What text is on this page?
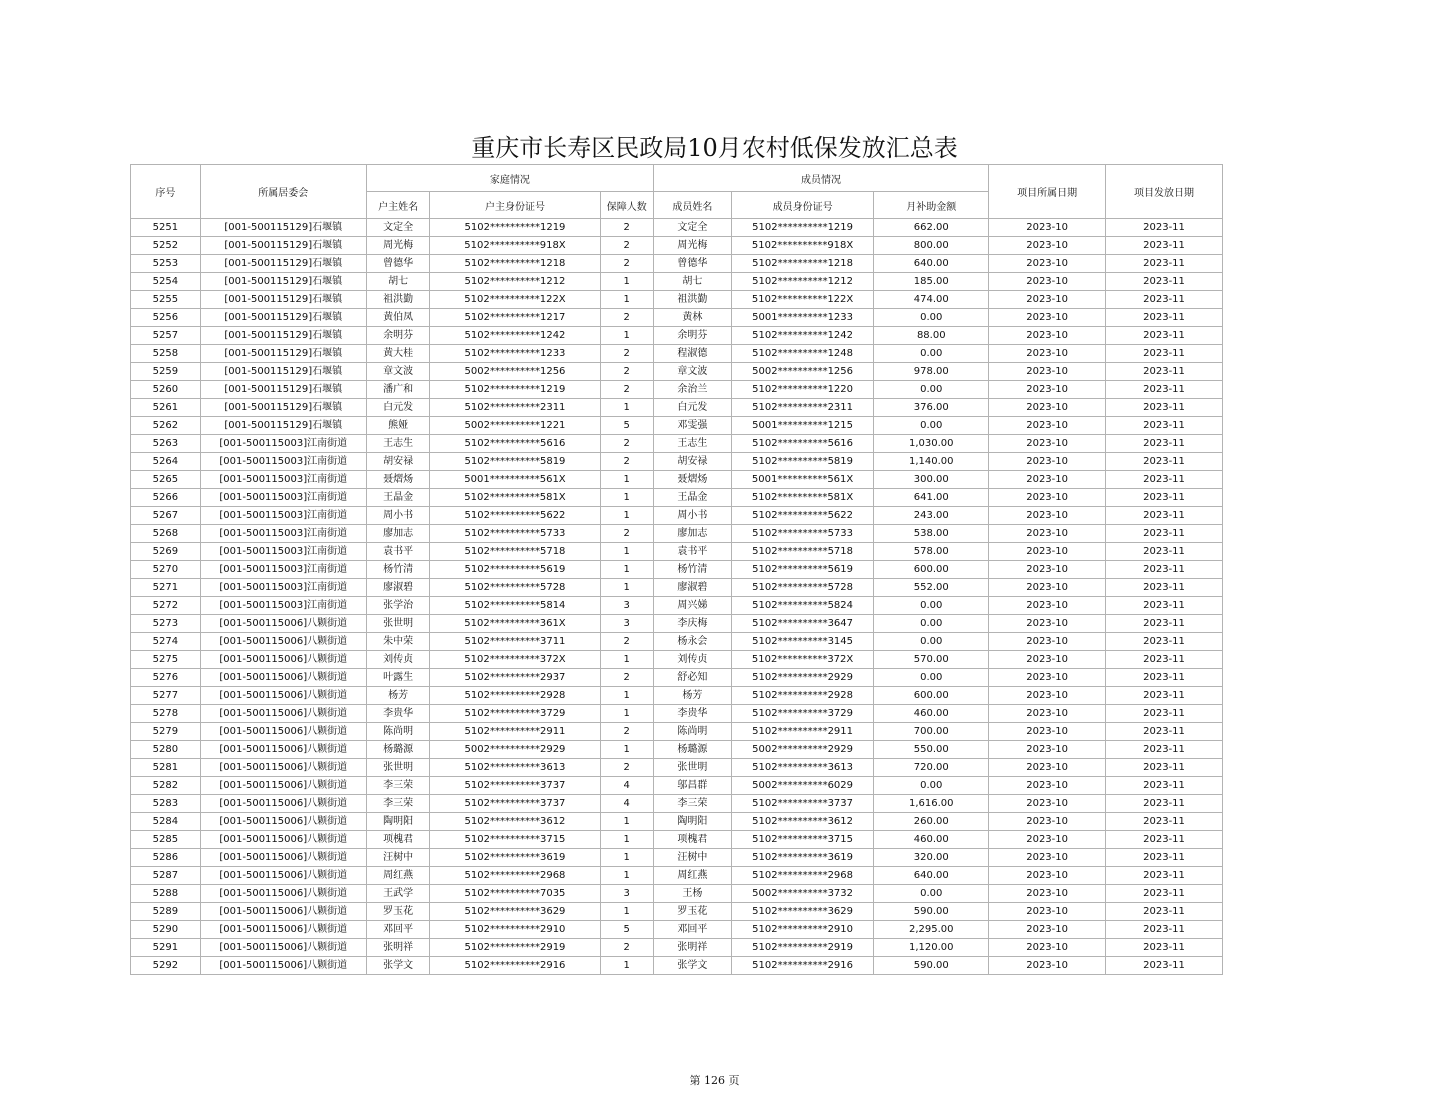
重庆市长寿区民政局10月农村低保发放汇总表
序号	所属居委会	家庭情况			成员情况			项目所属日期	项目发放日期
		户主姓名	户主身份证号	保障人数	成员姓名	成员身份证号	月补助金额		
5251	[001-500115129]石堰镇	文定全	5102**********1219	2	文定全	5102**********1219	662.00	2023-10	2023-11
5252	[001-500115129]石堰镇	周光梅	5102**********918X	2	周光梅	5102**********918X	800.00	2023-10	2023-11
5253	[001-500115129]石堰镇	曾德华	5102**********1218	2	曾德华	5102**********1218	640.00	2023-10	2023-11
5254	[001-500115129]石堰镇	胡七	5102**********1212	1	胡七	5102**********1212	185.00	2023-10	2023-11
5255	[001-500115129]石堰镇	祖洪勤	5102**********122X	1	祖洪勤	5102**********122X	474.00	2023-10	2023-11
5256	[001-500115129]石堰镇	黄伯凤	5102**********1217	2	黄林	5001**********1233	0.00	2023-10	2023-11
5257	[001-500115129]石堰镇	余明芬	5102**********1242	1	余明芬	5102**********1242	88.00	2023-10	2023-11
5258	[001-500115129]石堰镇	黄大桂	5102**********1233	2	程淑德	5102**********1248	0.00	2023-10	2023-11
5259	[001-500115129]石堰镇	章文波	5002**********1256	2	章文波	5002**********1256	978.00	2023-10	2023-11
5260	[001-500115129]石堰镇	潘广和	5102**********1219	2	余治兰	5102**********1220	0.00	2023-10	2023-11
5261	[001-500115129]石堰镇	白元发	5102**********2311	1	白元发	5102**********2311	376.00	2023-10	2023-11
5262	[001-500115129]石堰镇	熊娅	5002**********1221	5	邓雯强	5001**********1215	0.00	2023-10	2023-11
5263	[001-500115003]江南街道	王志生	5102**********5616	2	王志生	5102**********5616	1,030.00	2023-10	2023-11
5264	[001-500115003]江南街道	胡安禄	5102**********5819	2	胡安禄	5102**********5819	1,140.00	2023-10	2023-11
5265	[001-500115003]江南街道	聂熠炀	5001**********561X	1	聂熠炀	5001**********561X	300.00	2023-10	2023-11
5266	[001-500115003]江南街道	王晶金	5102**********581X	1	王晶金	5102**********581X	641.00	2023-10	2023-11
5267	[001-500115003]江南街道	周小书	5102**********5622	1	周小书	5102**********5622	243.00	2023-10	2023-11
5268	[001-500115003]江南街道	廖加志	5102**********5733	2	廖加志	5102**********5733	538.00	2023-10	2023-11
5269	[001-500115003]江南街道	袁书平	5102**********5718	1	袁书平	5102**********5718	578.00	2023-10	2023-11
5270	[001-500115003]江南街道	杨竹清	5102**********5619	1	杨竹清	5102**********5619	600.00	2023-10	2023-11
5271	[001-500115003]江南街道	廖淑碧	5102**********5728	1	廖淑碧	5102**********5728	552.00	2023-10	2023-11
5272	[001-500115003]江南街道	张学治	5102**********5814	3	周兴娣	5102**********5824	0.00	2023-10	2023-11
5273	[001-500115006]八颗街道	张世明	5102**********361X	3	李庆梅	5102**********3647	0.00	2023-10	2023-11
5274	[001-500115006]八颗街道	朱中荣	5102**********3711	2	杨永会	5102**********3145	0.00	2023-10	2023-11
5275	[001-500115006]八颗街道	刘传贞	5102**********372X	1	刘传贞	5102**********372X	570.00	2023-10	2023-11
5276	[001-500115006]八颗街道	叶露生	5102**********2937	2	舒必知	5102**********2929	0.00	2023-10	2023-11
5277	[001-500115006]八颗街道	杨芳	5102**********2928	1	杨芳	5102**********2928	600.00	2023-10	2023-11
5278	[001-500115006]八颗街道	李贵华	5102**********3729	1	李贵华	5102**********3729	460.00	2023-10	2023-11
5279	[001-500115006]八颗街道	陈尚明	5102**********2911	2	陈尚明	5102**********2911	700.00	2023-10	2023-11
5280	[001-500115006]八颗街道	杨璐源	5002**********2929	1	杨璐源	5002**********2929	550.00	2023-10	2023-11
5281	[001-500115006]八颗街道	张世明	5102**********3613	2	张世明	5102**********3613	720.00	2023-10	2023-11
5282	[001-500115006]八颗街道	李三荣	5102**********3737	4	邬昌群	5002**********6029	0.00	2023-10	2023-11
5283	[001-500115006]八颗街道	李三荣	5102**********3737	4	李三荣	5102**********3737	1,616.00	2023-10	2023-11
5284	[001-500115006]八颗街道	陶明阳	5102**********3612	1	陶明阳	5102**********3612	260.00	2023-10	2023-11
5285	[001-500115006]八颗街道	项槐君	5102**********3715	1	项槐君	5102**********3715	460.00	2023-10	2023-11
5286	[001-500115006]八颗街道	汪树中	5102**********3619	1	汪树中	5102**********3619	320.00	2023-10	2023-11
5287	[001-500115006]八颗街道	周红燕	5102**********2968	1	周红燕	5102**********2968	640.00	2023-10	2023-11
5288	[001-500115006]八颗街道	王武学	5102**********7035	3	王杨	5002**********3732	0.00	2023-10	2023-11
5289	[001-500115006]八颗街道	罗玉花	5102**********3629	1	罗玉花	5102**********3629	590.00	2023-10	2023-11
5290	[001-500115006]八颗街道	邓回平	5102**********2910	5	邓回平	5102**********2910	2,295.00	2023-10	2023-11
5291	[001-500115006]八颗街道	张明祥	5102**********2919	2	张明祥	5102**********2919	1,120.00	2023-10	2023-11
5292	[001-500115006]八颗街道	张学文	5102**********2916	1	张学文	5102**********2916	590.00	2023-10	2023-11
第 126 页
